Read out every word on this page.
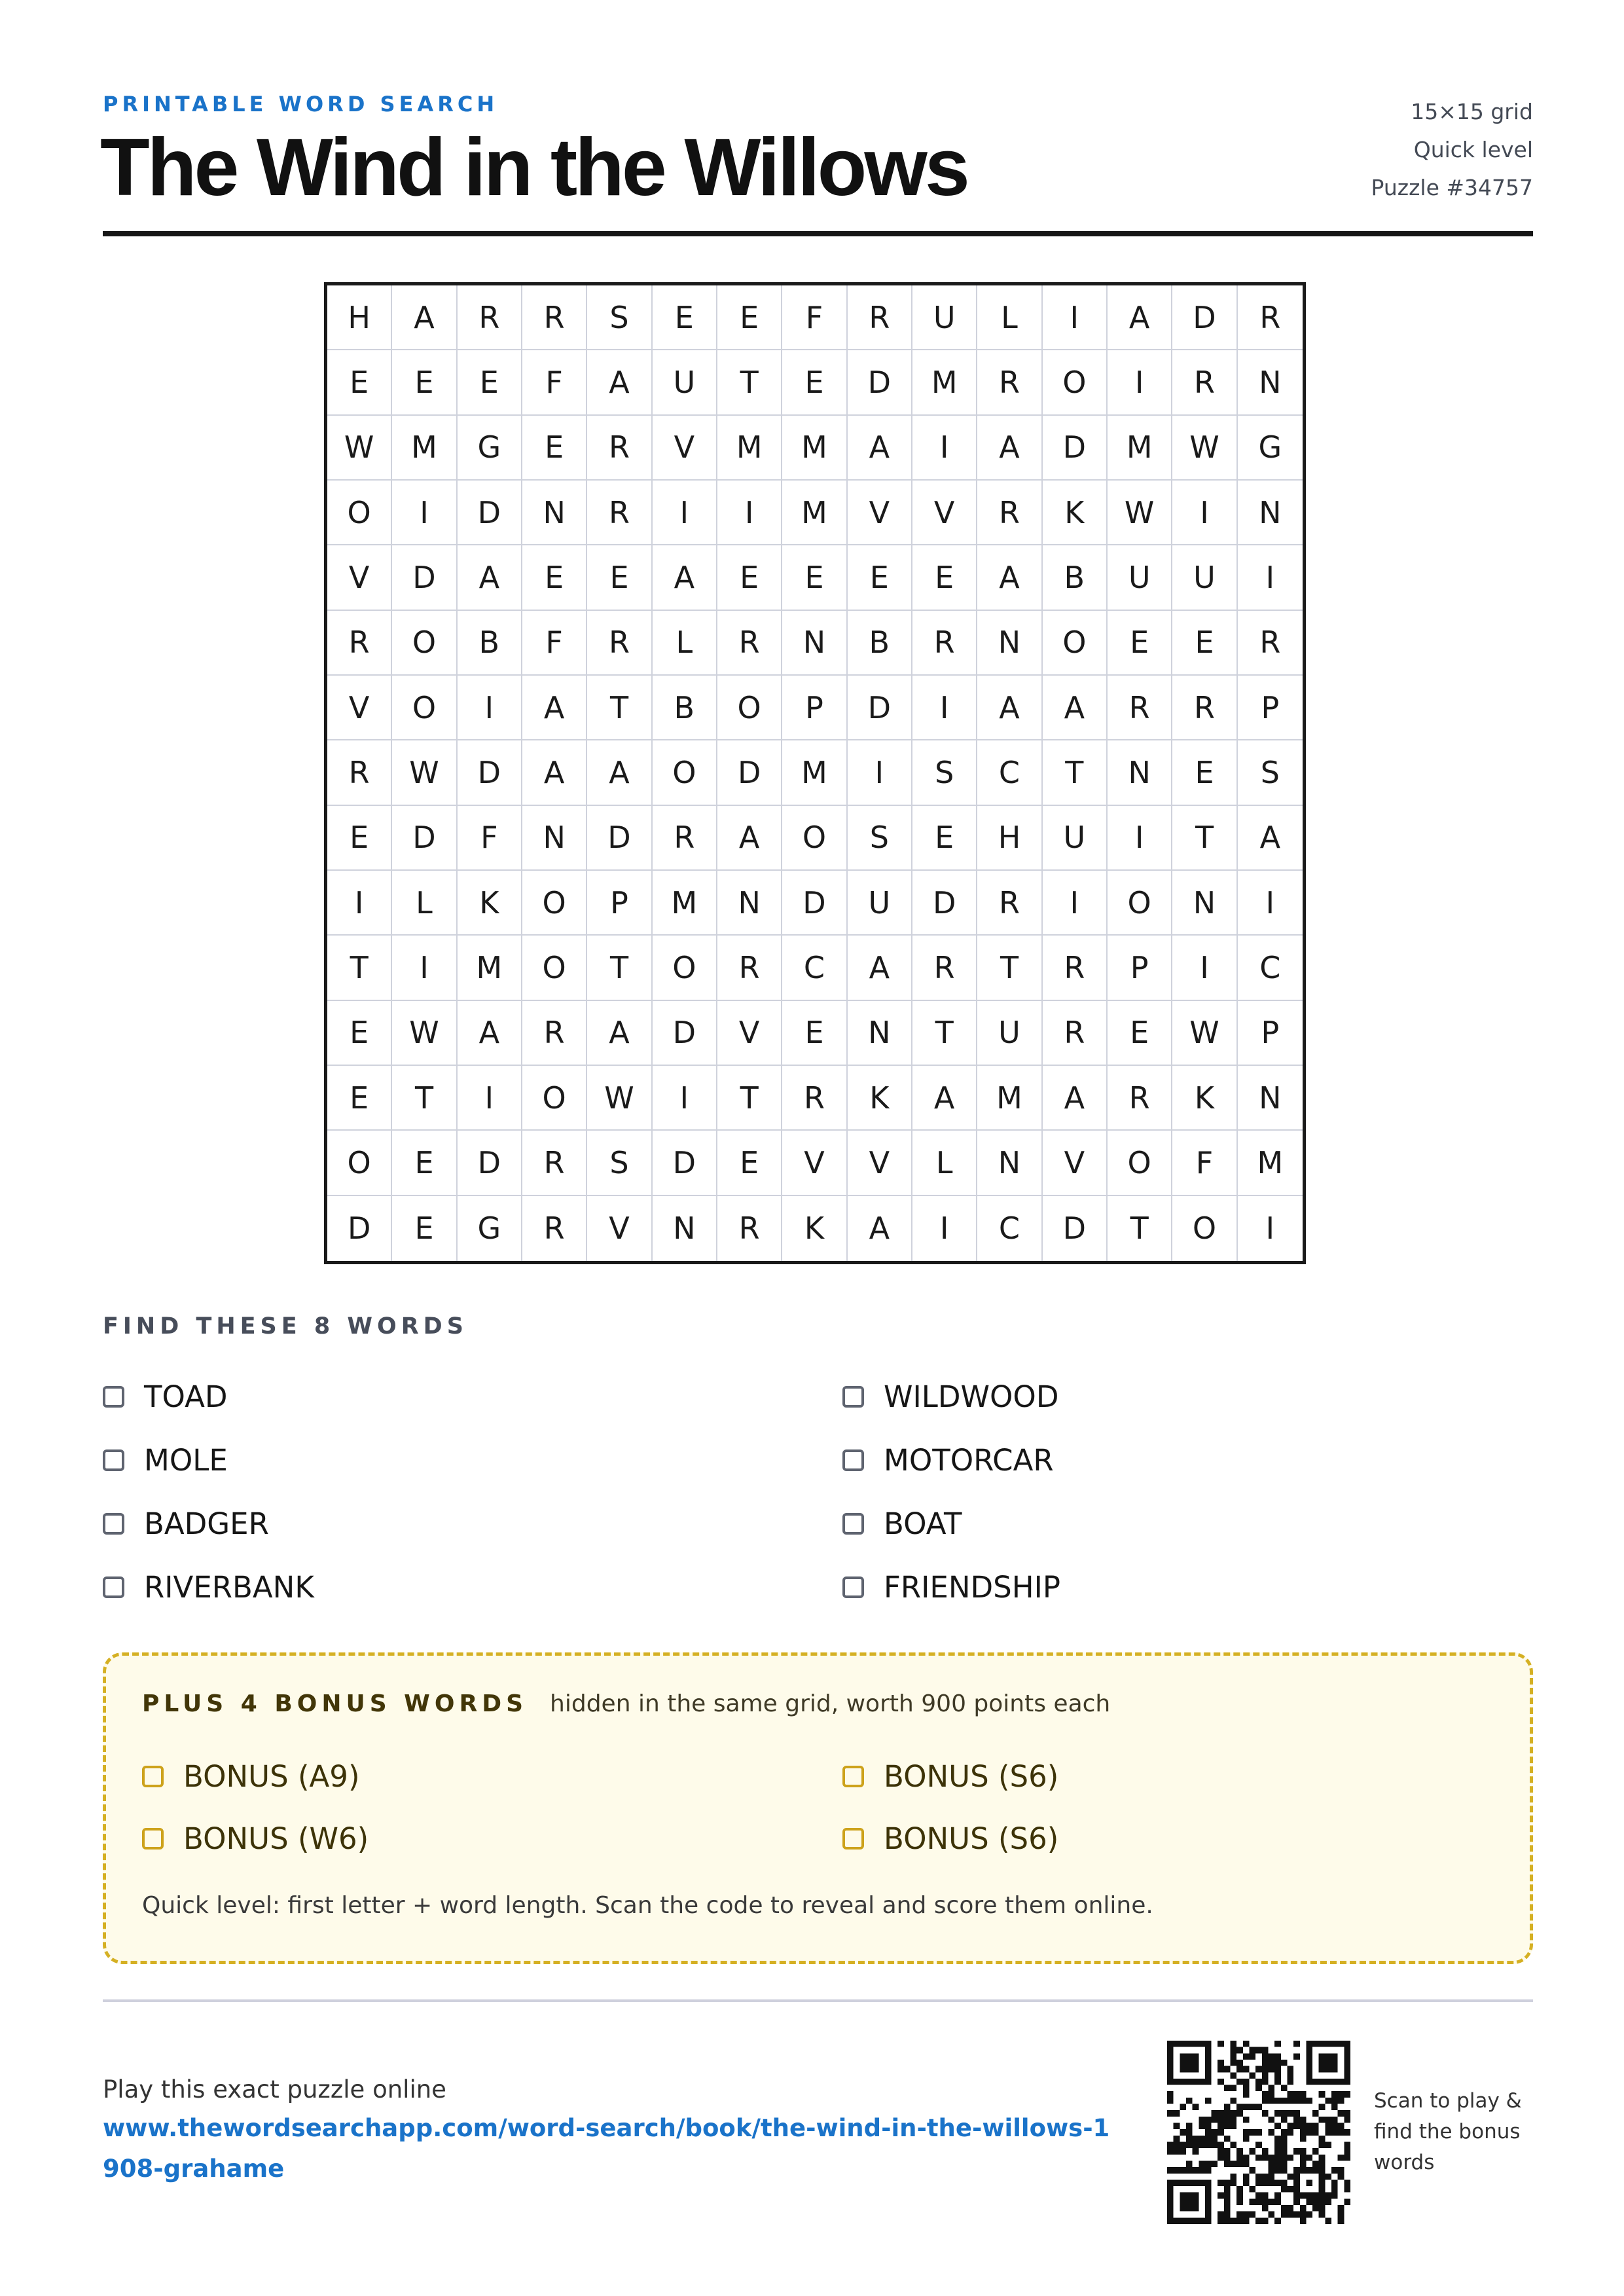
PRINTABLE WORD SEARCH
The Wind in the Willows
15×15 grid
Quick level
Puzzle #34757
H	A	R	R	S	E	E	F	R	U	L	I	A	D	R
E	E	E	F	A	U	T	E	D	M	R	O	I	R	N
W	M	G	E	R	V	M	M	A	I	A	D	M	W	G
O	I	D	N	R	I	I	M	V	V	R	K	W	I	N
V	D	A	E	E	A	E	E	E	E	A	B	U	U	I
R	O	B	F	R	L	R	N	B	R	N	O	E	E	R
V	O	I	A	T	B	O	P	D	I	A	A	R	R	P
R	W	D	A	A	O	D	M	I	S	C	T	N	E	S
E	D	F	N	D	R	A	O	S	E	H	U	I	T	A
I	L	K	O	P	M	N	D	U	D	R	I	O	N	I
T	I	M	O	T	O	R	C	A	R	T	R	P	I	C
E	W	A	R	A	D	V	E	N	T	U	R	E	W	P
E	T	I	O	W	I	T	R	K	A	M	A	R	K	N
O	E	D	R	S	D	E	V	V	L	N	V	O	F	M
D	E	G	R	V	N	R	K	A	I	C	D	T	O	I
FIND THESE 8 WORDS
TOAD	WILDWOOD
MOLE	MOTORCAR
BADGER	BOAT
RIVERBANK	FRIENDSHIP
PLUS 4 BONUS WORDS hidden in the same grid, worth 900 points each
BONUS (A9)	BONUS (S6)
BONUS (W6)	BONUS (S6)
Quick level: first letter + word length. Scan the code to reveal and score them online.
Play this exact puzzle online
www.thewordsearchapp.com/word-search/book/the-wind-in-the-willows-1908-grahame
Scan to play & find the bonus words
